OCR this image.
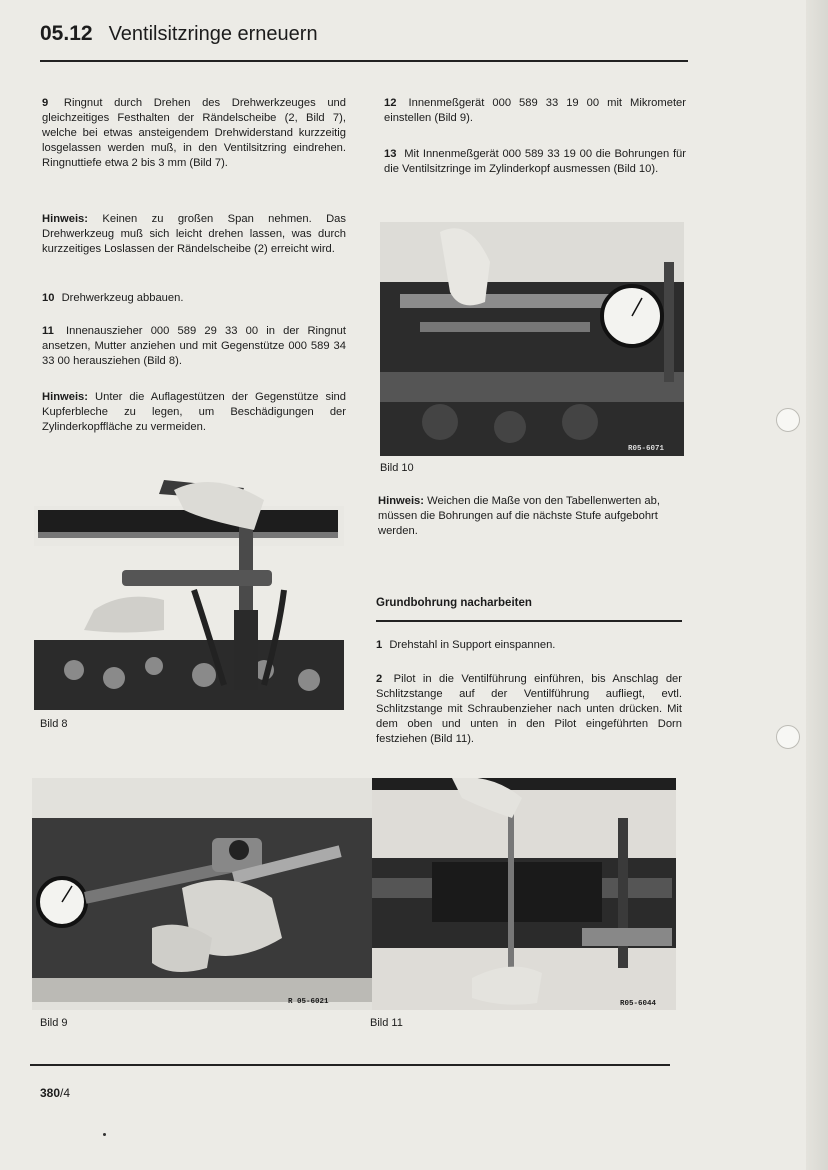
05.12 Ventilsitzringe erneuern
9 Ringnut durch Drehen des Drehwerkzeuges und gleichzeitiges Festhalten der Rändelscheibe (2, Bild 7), welche bei etwas ansteigendem Drehwiderstand kurzzeitig losgelassen werden muß, in den Ventilsitzring eindrehen. Ringnuttiefe etwa 2 bis 3 mm (Bild 7).
Hinweis: Keinen zu großen Span nehmen. Das Drehwerkzeug muß sich leicht drehen lassen, was durch kurzzeitiges Loslassen der Rändelscheibe (2) erreicht wird.
10 Drehwerkzeug abbauen.
11 Innenauszieher 000 589 29 33 00 in der Ringnut ansetzen, Mutter anziehen und mit Gegenstütze 000 589 34 33 00 herausziehen (Bild 8).
Hinweis: Unter die Auflagestützen der Gegenstütze sind Kupferbleche zu legen, um Beschädigungen der Zylinderkopffläche zu vermeiden.
Bild 8
R 05-6021
Bild 9
12 Innenmeßgerät 000 589 33 19 00 mit Mikrometer einstellen (Bild 9).
13 Mit Innenmeßgerät 000 589 33 19 00 die Bohrungen für die Ventilsitzringe im Zylinderkopf ausmessen (Bild 10).
R05-6071
Bild 10
Hinweis: Weichen die Maße von den Tabellenwerten ab, müssen die Bohrungen auf die nächste Stufe aufgebohrt werden.
Grundbohrung nacharbeiten
1 Drehstahl in Support einspannen.
2 Pilot in die Ventilführung einführen, bis Anschlag der Schlitzstange auf der Ventilführung aufliegt, evtl. Schlitzstange mit Schraubenzieher nach unten drücken. Mit dem oben und unten in den Pilot eingeführten Dorn festziehen (Bild 11).
R05-6044
Bild 11
380/4
